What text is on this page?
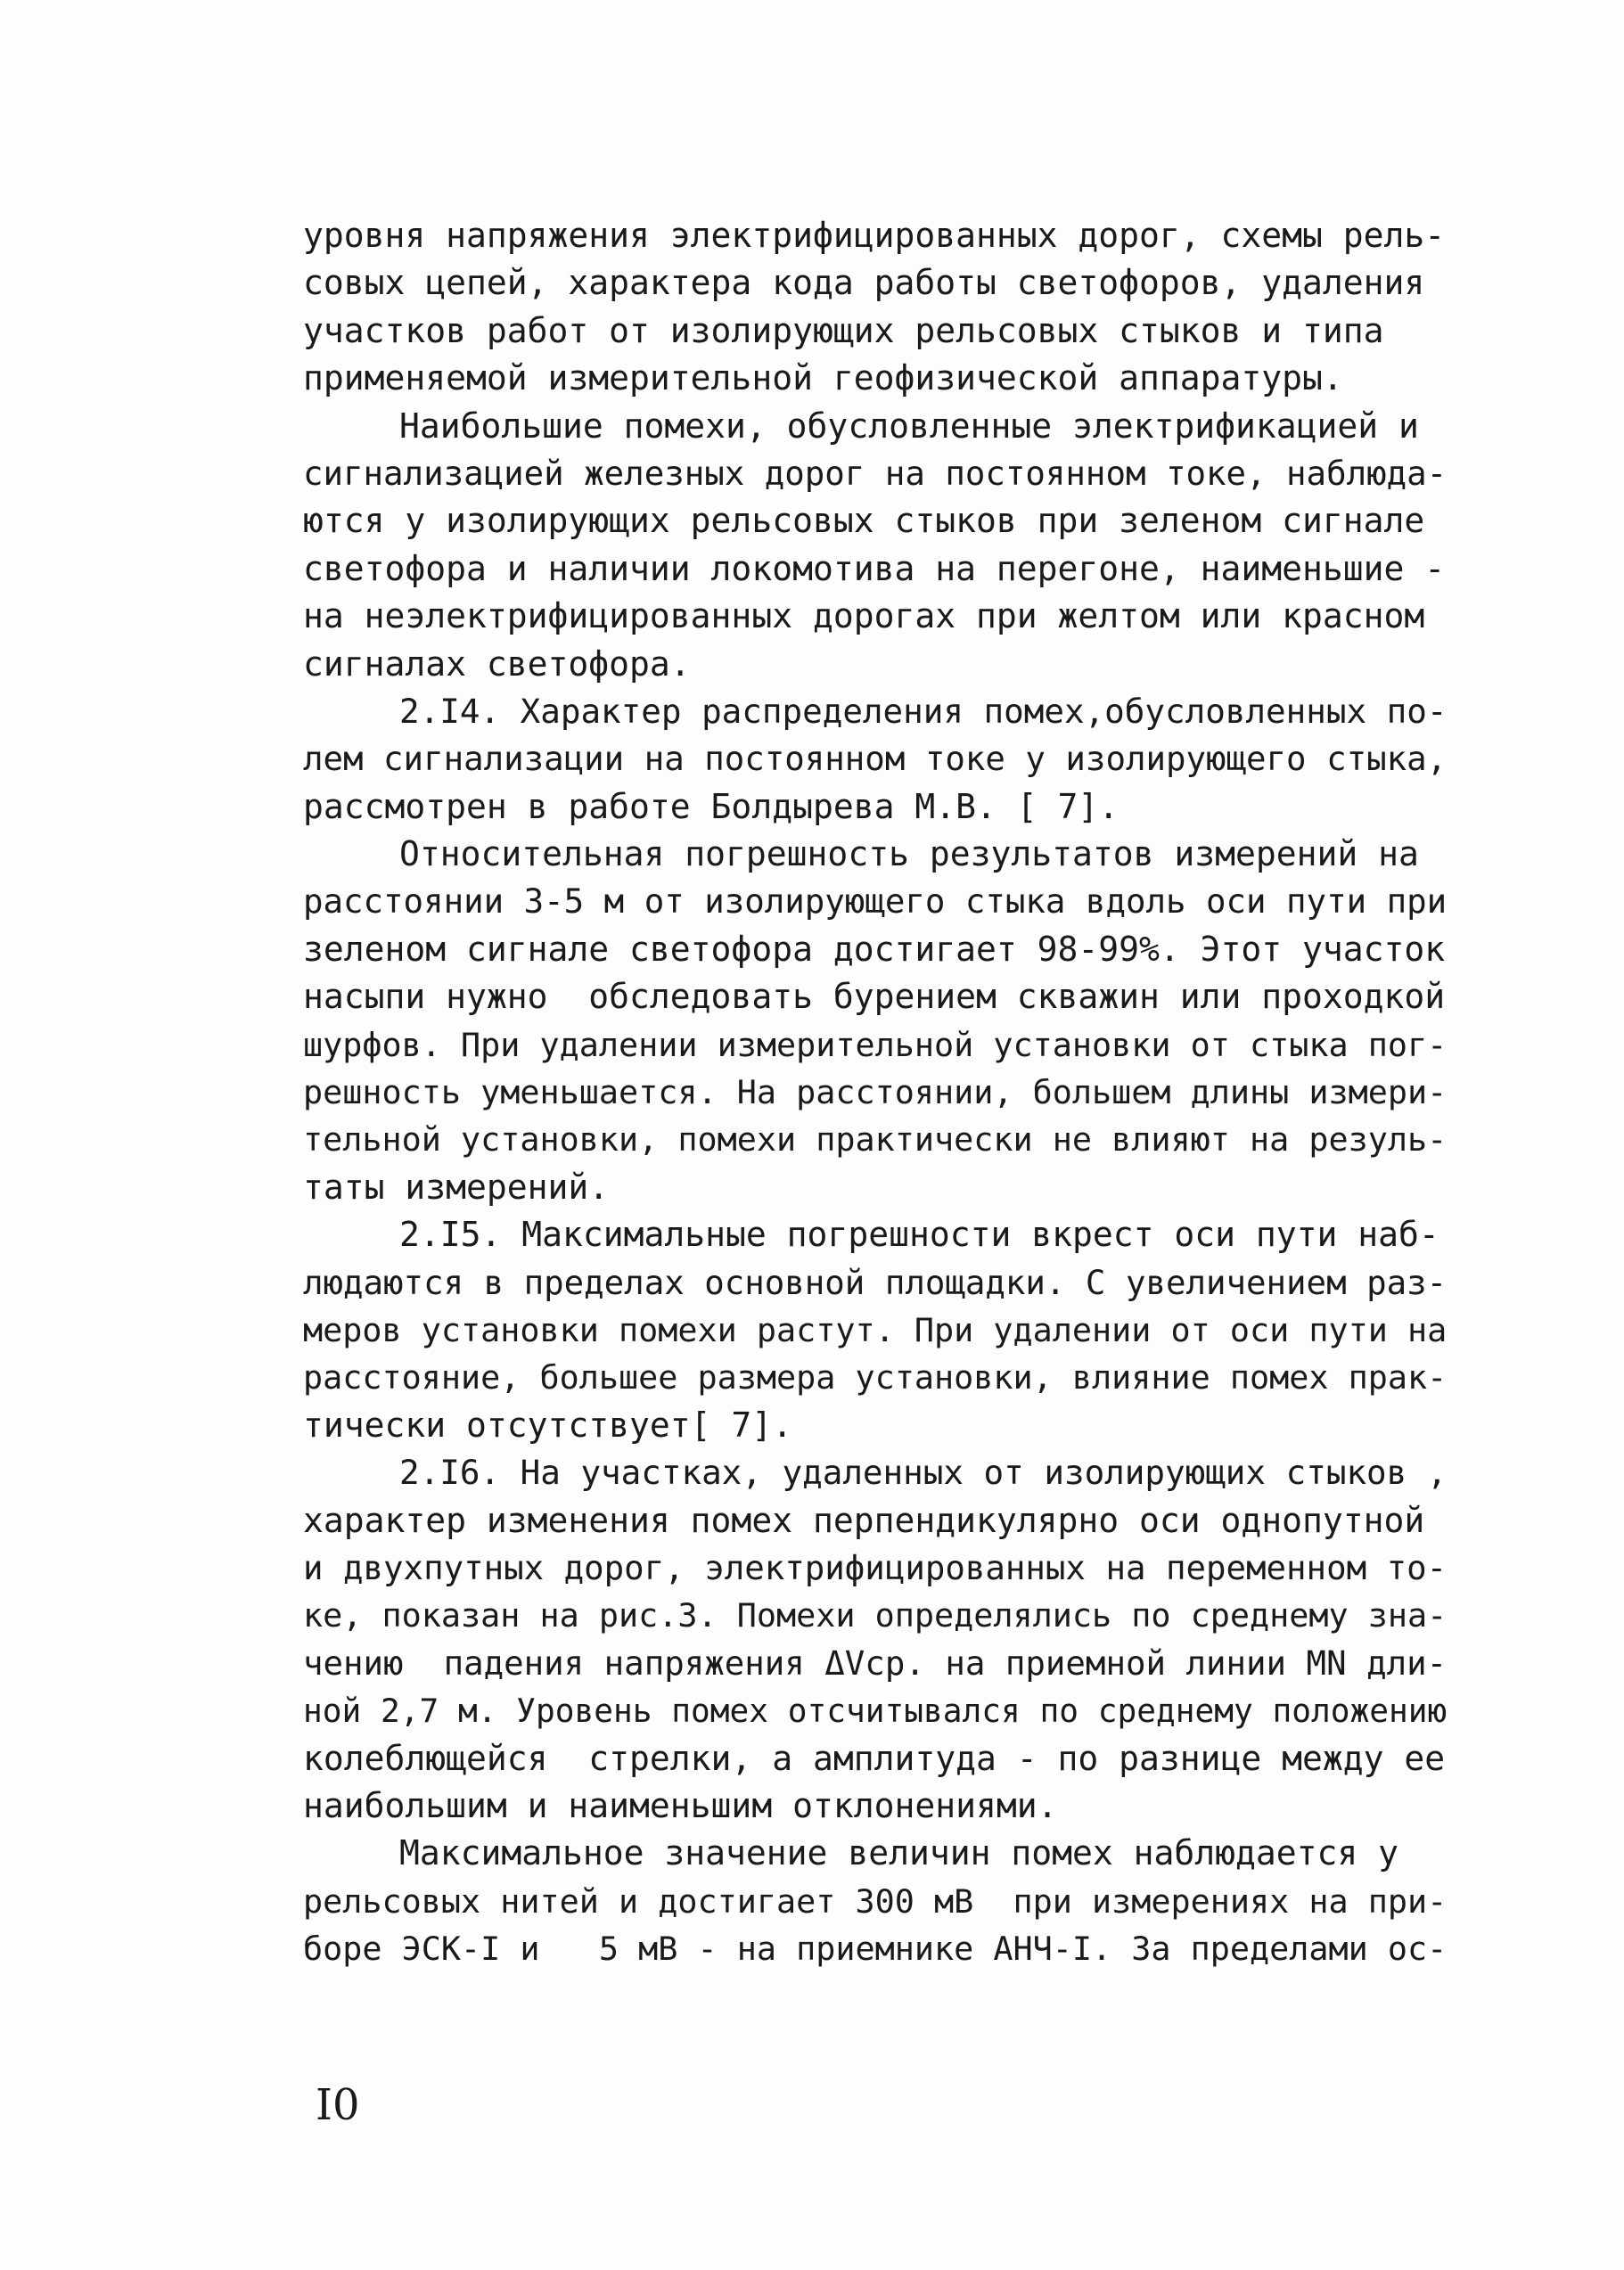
уровня напряжения электрифицированных дорог, схемы рель-
совых цепей, характера кода работы светофоров, удаления
участков работ от изолирующих рельсовых стыков и типа
применяемой измерительной геофизической аппаратуры.
Наибольшие помехи, обусловленные электрификацией и
сигнализацией железных дорог на постоянном токе, наблюда-
ются у изолирующих рельсовых стыков при зеленом сигнале
светофора и наличии локомотива на перегоне, наименьшие -
на неэлектрифицированных дорогах при желтом или красном
сигналах светофора.
2.I4. Характер распределения помех,обусловленных по-
лем сигнализации на постоянном токе у изолирующего стыка,
рассмотрен в работе Болдырева М.В. [ 7].
Относительная погрешность результатов измерений на
расстоянии 3-5 м от изолирующего стыка вдоль оси пути при
зеленом сигнале светофора достигает 98-99%. Этот участок
насыпи нужно  обследовать бурением скважин или проходкой
шурфов. При удалении измерительной установки от стыка пог-
решность уменьшается. На расстоянии, большем длины измери-
тельной установки, помехи практически не влияют на резуль-
таты измерений.
2.I5. Максимальные погрешности вкрест оси пути наб-
людаются в пределах основной площадки. С увеличением раз-
меров установки помехи растут. При удалении от оси пути на
расстояние, большее размера установки, влияние помех прак-
тически отсутствует[ 7].
2.I6. На участках, удаленных от изолирующих стыков ,
характер изменения помех перпендикулярно оси однопутной
и двухпутных дорог, электрифицированных на переменном то-
ке, показан на рис.3. Помехи определялись по среднему зна-
чению  падения напряжения ΔVср. на приемной линии MN дли-
ной 2,7 м. Уровень помех отсчитывался по среднему положению
колеблющейся  стрелки, а амплитуда - по разнице между ее
наибольшим и наименьшим отклонениями.
Максимальное значение величин помех наблюдается у
рельсовых нитей и достигает 300 мВ  при измерениях на при-
боре ЭСК-I и   5 мВ - на приемнике АНЧ-I. За пределами ос-
I0
